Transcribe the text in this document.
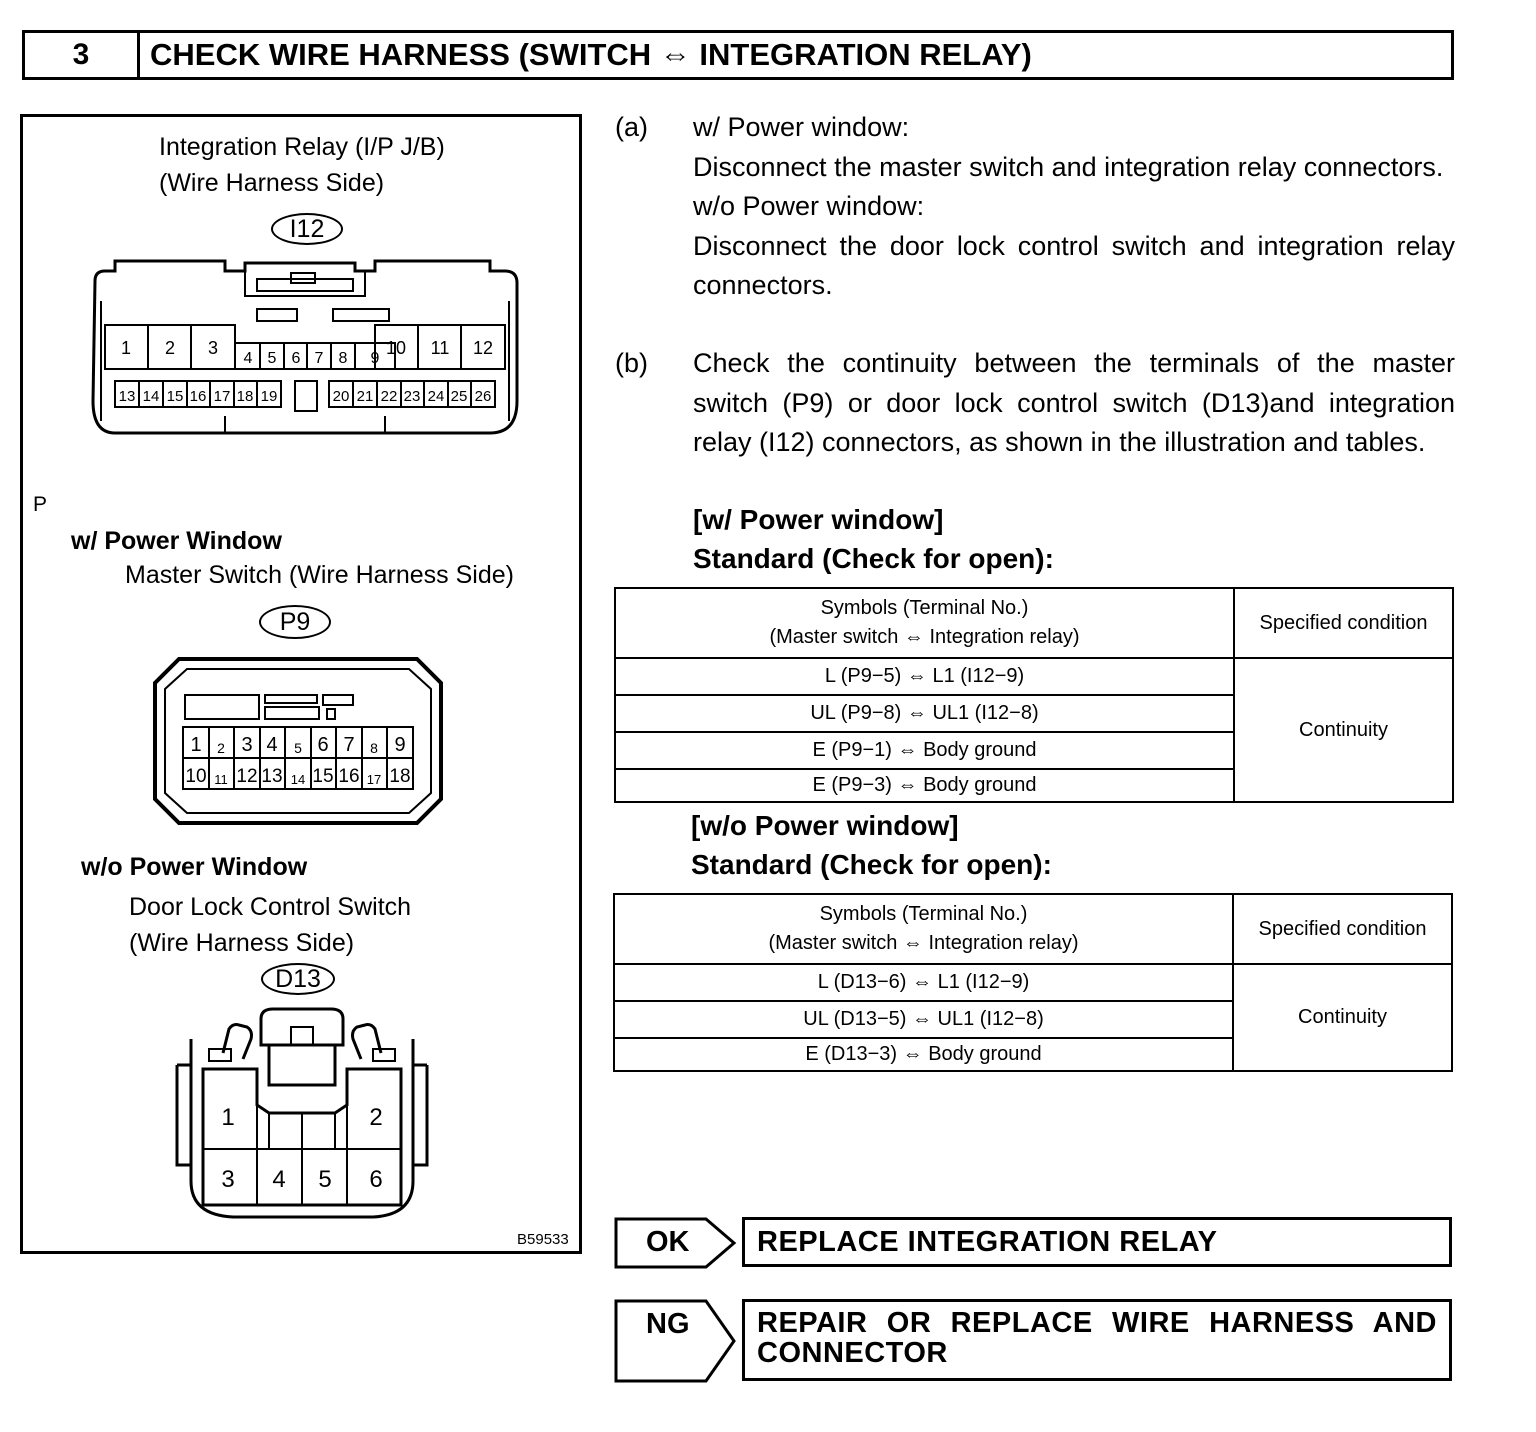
3	CHECK WIRE HARNESS (SWITCH ⇔ INTEGRATION RELAY)
Integration Relay (I/P J/B)
(Wire Harness Side)
I12
1 2 3
4 5 6 7 8 9
10 11 12
13 14 15 16 17 18 19	20 21 22 23 24 25 26
P
w/ Power Window
Master Switch (Wire Harness Side)
P9
1 2 3 4 5 6 7 8 9
10 11 12 13 14 15 16 17 18
w/o Power Window
Door Lock Control Switch
(Wire Harness Side)
D13
1	2
3 4 5 6
B59533
(a) w/ Power window:
Disconnect the master switch and integration relay connectors.
w/o Power window:
Disconnect the door lock control switch and integration relay connectors.
(b) Check the continuity between the terminals of the master switch (P9) or door lock control switch (D13)and integration relay (I12) connectors, as shown in the illustration and tables.
[w/ Power window]
Standard (Check for open):
Symbols (Terminal No.)
(Master switch ⇔ Integration relay)	Specified condition
L (P9−5) ⇔ L1 (I12−9)	Continuity
UL (P9−8) ⇔ UL1 (I12−8)	
E (P9−1) ⇔ Body ground	
E (P9−3) ⇔ Body ground	
[w/o Power window]
Standard (Check for open):
Symbols (Terminal No.)
(Master switch ⇔ Integration relay)	Specified condition
L (D13−6) ⇔ L1 (I12−9)	Continuity
UL (D13−5) ⇔ UL1 (I12−8)	
E (D13−3) ⇔ Body ground	
OK	REPLACE INTEGRATION RELAY
NG REPAIR OR REPLACE WIRE HARNESS AND
CONNECTOR
